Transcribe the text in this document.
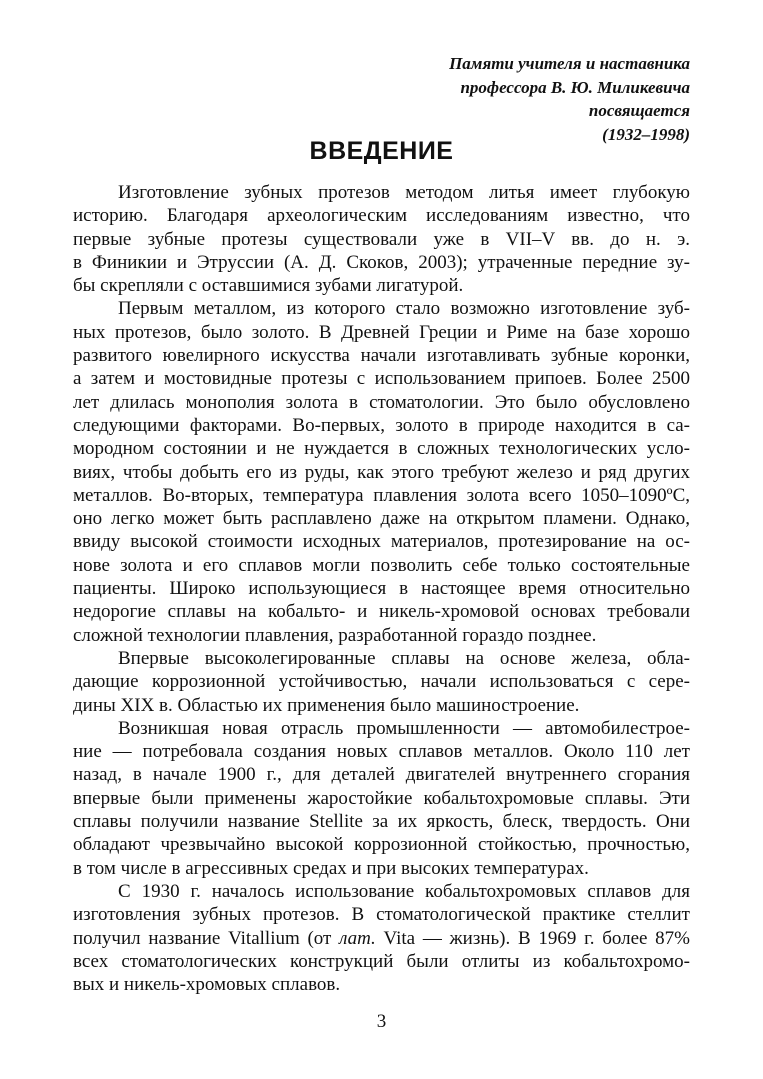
Памяти учителя и наставника
профессора В. Ю. Миликевича
посвящается
(1932–1998)
ВВЕДЕНИЕ
Изготовление зубных протезов методом литья имеет глубокую
историю. Благодаря археологическим исследованиям известно, что
первые зубные протезы существовали уже в VII–V вв. до н. э.
в Финикии и Этруссии (А. Д. Скоков, 2003); утраченные передние зу-
бы скрепляли с оставшимися зубами лигатурой.
Первым металлом, из которого стало возможно изготовление зуб-
ных протезов, было золото. В Древней Греции и Риме на базе хорошо
развитого ювелирного искусства начали изготавливать зубные коронки,
а затем и мостовидные протезы с использованием припоев. Более 2500
лет длилась монополия золота в стоматологии. Это было обусловлено
следующими факторами. Во-первых, золото в природе находится в са-
мородном состоянии и не нуждается в сложных технологических усло-
виях, чтобы добыть его из руды, как этого требуют железо и ряд других
металлов. Во-вторых, температура плавления золота всего 1050–1090ºС,
оно легко может быть расплавлено даже на открытом пламени. Однако,
ввиду высокой стоимости исходных материалов, протезирование на ос-
нове золота и его сплавов могли позволить себе только состоятельные
пациенты. Широко использующиеся в настоящее время относительно
недорогие сплавы на кобальто- и никель-хромовой основах требовали
сложной технологии плавления, разработанной гораздо позднее.
Впервые высоколегированные сплавы на основе железа, обла-
дающие коррозионной устойчивостью, начали использоваться с сере-
дины XIX в. Областью их применения было машиностроение.
Возникшая новая отрасль промышленности — автомобилестрое-
ние — потребовала создания новых сплавов металлов. Около 110 лет
назад, в начале 1900 г., для деталей двигателей внутреннего сгорания
впервые были применены жаростойкие кобальтохромовые сплавы. Эти
сплавы получили название Stellite за их яркость, блеск, твердость. Они
обладают чрезвычайно высокой коррозионной стойкостью, прочностью,
в том числе в агрессивных средах и при высоких температурах.
С 1930 г. началось использование кобальтохромовых сплавов для
изготовления зубных протезов. В стоматологической практике стеллит
получил название Vitallium (от лат. Vita — жизнь). В 1969 г. более 87%
всех стоматологических конструкций были отлиты из кобальтохромо-
вых и никель-хромовых сплавов.
3
